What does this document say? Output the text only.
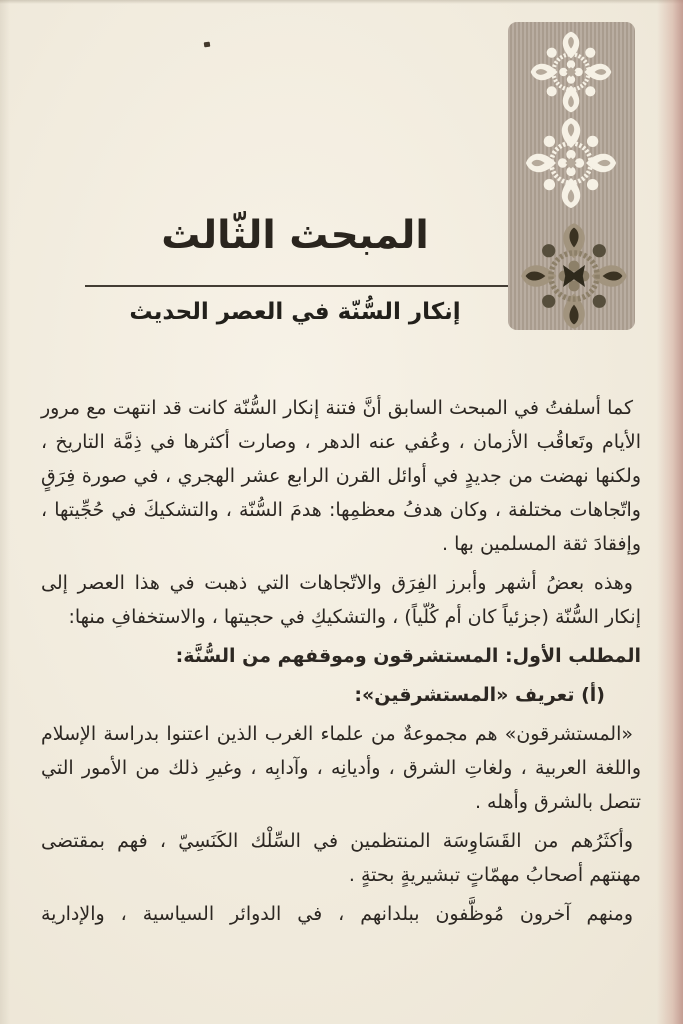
المبحث الثّالث
إنكار السُّنّة في العصر الحديث

كما أسلفتُ في المبحث السابق أنَّ فتنة إنكار السُّنّة كانت قد انتهت مع مرور الأيام وتَعاقُب الأزمان ، وعُفي عنه الدهر ، وصارت أكثرها في ذِمَّة التاريخ ، ولكنها نهضت من جديدٍ في أوائل القرن الرابع عشر الهجري ، في صورة فِرَقٍ واتّجاهات مختلفة ، وكان هدفُ معظمِها: هدمَ السُّنّة ، والتشكيكَ في حُجِّيتها ، وإفقادَ ثقة المسلمين بها .

وهذه بعضُ أشهر وأبرز الفِرَق والاتّجاهات التي ذهبت في هذا العصر إلى إنكار السُّنّة (جزئياً كان أم كُلّياً) ، والتشكيكِ في حجيتها ، والاستخفافِ منها:

المطلب الأول: المستشرقون وموقفهم من السُّنَّة:

(أ) تعريف «المستشرقين»:

«المستشرقون» هم مجموعةٌ من علماء الغرب الذين اعتنوا بدراسة الإسلام واللغة العربية ، ولغاتِ الشرق ، وأديانِه ، وآدابِه ، وغيرِ ذلك من الأمور التي تتصل بالشرق وأهله .

وأكثَرُهم من القَسَاوِسَة المنتظمين في السِّلْك الكَنَسِيّ ، فهم بمقتضى مهنتهم أصحابُ مهمّاتٍ تبشيريةٍ بحتةٍ .

ومنهم آخرون مُوظَّفون ببلدانهم ، في الدوائر السياسية ، والإدارية
